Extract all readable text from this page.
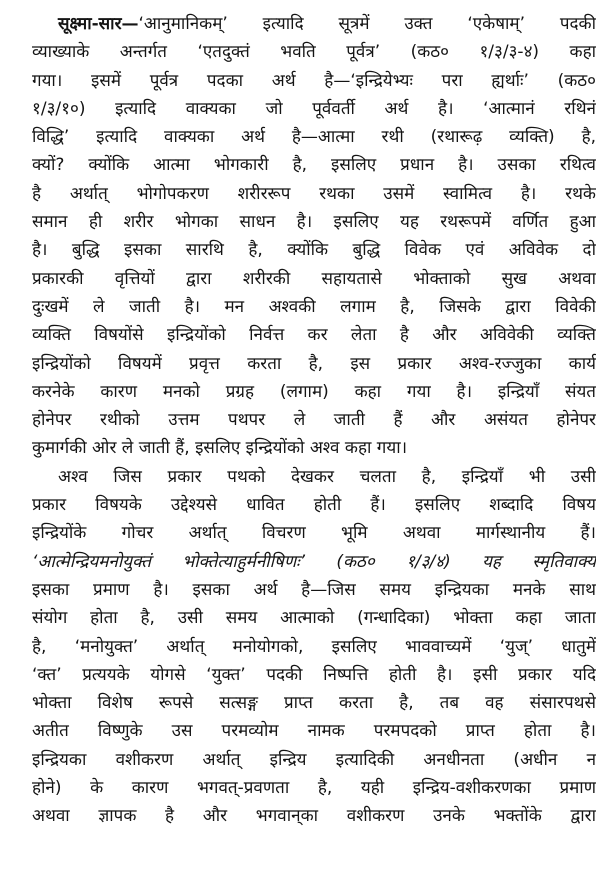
सूक्ष्मा-सार—‘आनुमानिकम्’ इत्यादि सूत्रमें उक्त ‘एकेषाम्’ पदकी
व्याख्याके अन्तर्गत ‘एतदुक्तं भवति पूर्वत्र’ (कठ० १/३/३-४) कहा
गया। इसमें पूर्वत्र पदका अर्थ है—‘इन्द्रियेभ्यः परा ह्यर्थाः’ (कठ०
१/३/१०) इत्यादि वाक्यका जो पूर्ववर्ती अर्थ है। ‘आत्मानं रथिनं
विद्धि’ इत्यादि वाक्यका अर्थ है—आत्मा रथी (रथारूढ़ व्यक्ति) है,
क्यों? क्योंकि आत्मा भोगकारी है, इसलिए प्रधान है। उसका रथित्व
है अर्थात् भोगोपकरण शरीररूप रथका उसमें स्वामित्व है। रथके
समान ही शरीर भोगका साधन है। इसलिए यह रथरूपमें वर्णित हुआ
है। बुद्धि इसका सारथि है, क्योंकि बुद्धि विवेक एवं अविवेक दो
प्रकारकी वृत्तियों द्वारा शरीरकी सहायतासे भोक्ताको सुख अथवा
दुःखमें ले जाती है। मन अश्वकी लगाम है, जिसके द्वारा विवेकी
व्यक्ति विषयोंसे इन्द्रियोंको निर्वत्त कर लेता है और अविवेकी व्यक्ति
इन्द्रियोंको विषयमें प्रवृत्त करता है, इस प्रकार अश्व-रज्जुका कार्य
करनेके कारण मनको प्रग्रह (लगाम) कहा गया है। इन्द्रियाँ संयत
होनेपर रथीको उत्तम पथपर ले जाती हैं और असंयत होनेपर
कुमार्गकी ओर ले जाती हैं, इसलिए इन्द्रियोंको अश्व कहा गया।
अश्व जिस प्रकार पथको देखकर चलता है, इन्द्रियाँ भी उसी
प्रकार विषयके उद्देश्यसे धावित होती हैं। इसलिए शब्दादि विषय
इन्द्रियोंके गोचर अर्थात् विचरण भूमि अथवा मार्गस्थानीय हैं।
‘आत्मेन्द्रियमनोयुक्तं भोक्तेत्याहुर्मनीषिणः’ (कठ० १/३/४) यह स्मृतिवाक्य
इसका प्रमाण है। इसका अर्थ है—जिस समय इन्द्रियका मनके साथ
संयोग होता है, उसी समय आत्माको (गन्धादिका) भोक्ता कहा जाता
है, ‘मनोयुक्त’ अर्थात् मनोयोगको, इसलिए भाववाच्यमें ‘युज्’ धातुमें
‘क्त’ प्रत्ययके योगसे ‘युक्त’ पदकी निष्पत्ति होती है। इसी प्रकार यदि
भोक्ता विशेष रूपसे सत्सङ्ग प्राप्त करता है, तब वह संसारपथसे
अतीत विष्णुके उस परमव्योम नामक परमपदको प्राप्त होता है।
इन्द्रियका वशीकरण अर्थात् इन्द्रिय इत्यादिकी अनधीनता (अधीन न
होने) के कारण भगवत्-प्रवणता है, यही इन्द्रिय-वशीकरणका प्रमाण
अथवा ज्ञापक है और भगवान्‌का वशीकरण उनके भक्तोंके द्वारा
